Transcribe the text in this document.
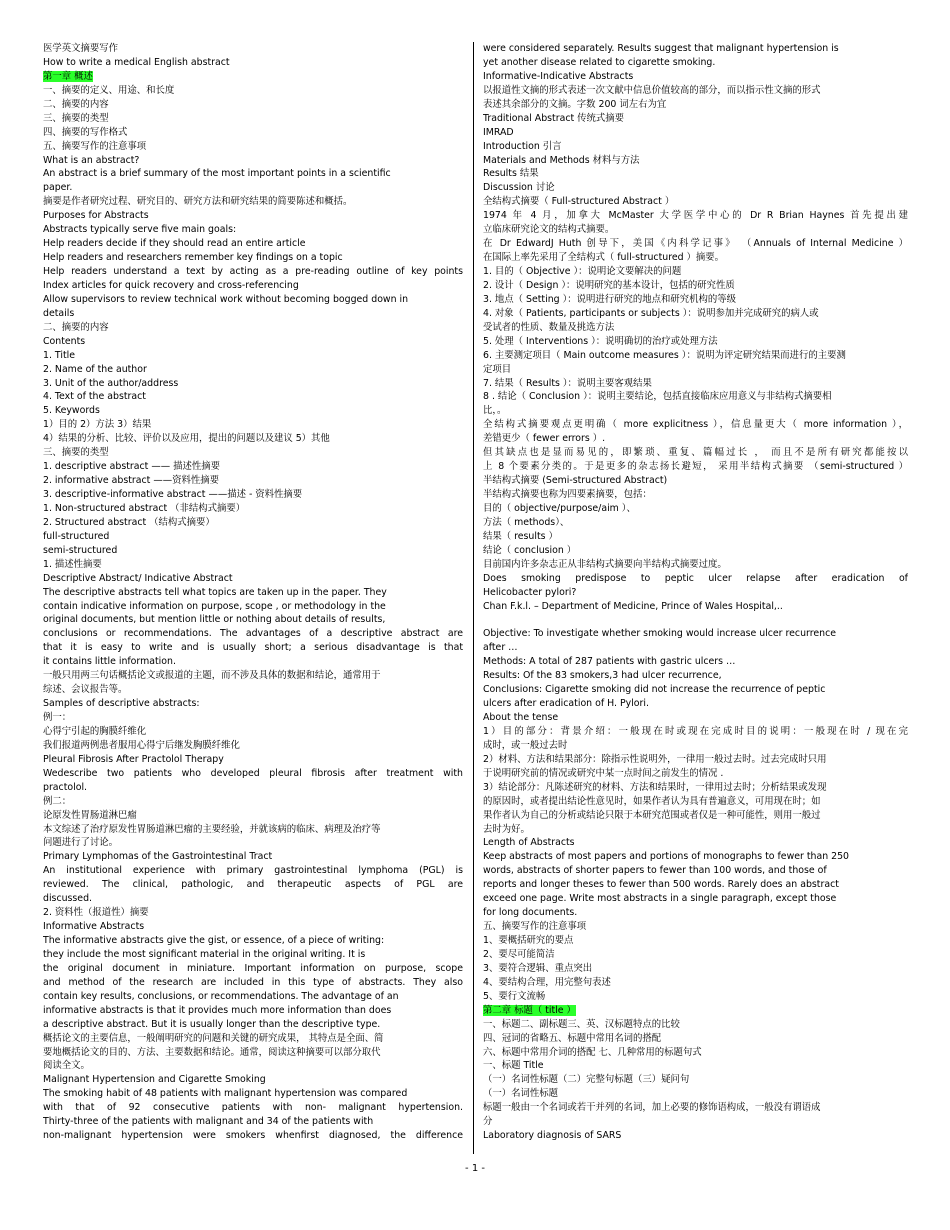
医学英文摘要写作
How to write a medical English abstract
第一章 概述
一、摘要的定义、用途、和长度
二、摘要的内容
三、摘要的类型
四、摘要的写作格式
五、摘要写作的注意事项
What is an abstract?
An abstract is a brief summary of the most important points in a scientific
paper.
摘要是作者研究过程、研究目的、研究方法和研究结果的简要陈述和概括。
Purposes for Abstracts
Abstracts typically serve five main goals:
Help readers decide if they should read an entire article
Help readers and researchers remember key findings on a topic
Help readers understand a text by acting as a pre-reading outline of key points
Index articles for quick recovery and cross-referencing
Allow supervisors to review technical work without becoming bogged down in
details
二、摘要的内容
Contents
1. Title
2. Name of the author
3. Unit of the author/address
4. Text of the abstract
5. Keywords
1）目的 2）方法 3）结果
4）结果的分析、比较、评价以及应用，提出的问题以及建议 5）其他
三、摘要的类型
1. descriptive abstract —— 描述性摘要
2. informative abstract ——资料性摘要
3. descriptive-informative abstract ——描述 - 资料性摘要
1. Non-structured abstract （非结构式摘要）
2. Structured abstract （结构式摘要）
full-structured
semi-structured
1. 描述性摘要
Descriptive Abstract/ Indicative Abstract
The descriptive abstracts tell what topics are taken up in the paper. They
contain indicative information on purpose, scope , or methodology in the
original documents, but mention little or nothing about details of results,
conclusions or recommendations. The advantages of a descriptive abstract are
that it is easy to write and is usually short; a serious disadvantage is that
it contains little information.
一般只用两三句话概括论文或报道的主题，而不涉及具体的数据和结论，通常用于
综述、会议报告等。
Samples of descriptive abstracts:
例一：
心得宁引起的胸膜纤维化
我们报道两例患者服用心得宁后继发胸膜纤维化
Pleural Fibrosis After Practolol Therapy
Wedescribe two patients who developed pleural fibrosis after treatment with
practolol.
例二：
论原发性胃肠道淋巴瘤
本文综述了治疗原发性胃肠道淋巴瘤的主要经验，并就该病的临床、病理及治疗等
问题进行了讨论。
Primary Lymphomas of the Gastrointestinal Tract
An institutional experience with primary gastrointestinal lymphoma (PGL) is
reviewed. The clinical, pathologic, and therapeutic aspects of PGL are
discussed.
2. 资料性（报道性）摘要
Informative Abstracts
The informative abstracts give the gist, or essence, of a piece of writing:
they include the most significant material in the original writing. It is
the original document in miniature. Important information on purpose, scope
and method of the research are included in this type of abstracts. They also
contain key results, conclusions, or recommendations. The advantage of an
informative abstracts is that it provides much more information than does
a descriptive abstract. But it is usually longer than the descriptive type.
概括论文的主要信息，一般阐明研究的问题和关键的研究成果， 其特点是全面、简
要地概括论文的目的、方法、主要数据和结论。通常，阅读这种摘要可以部分取代
阅读全文。
Malignant Hypertension and Cigarette Smoking
The smoking habit of 48 patients with malignant hypertension was compared
with that of 92 consecutive patients with non- malignant hypertension.
Thirty-three of the patients with malignant and 34 of the patients with
non-malignant hypertension were smokers whenfirst diagnosed, the difference
were considered separately. Results suggest that malignant hypertension is
yet another disease related to cigarette smoking.
Informative-Indicative Abstracts
以报道性文摘的形式表述一次文献中信息价值较高的部分，而以指示性文摘的形式
表述其余部分的文摘。字数 200 词左右为宜
Traditional Abstract 传统式摘要
IMRAD
Introduction 引言
Materials and Methods 材料与方法
Results 结果
Discussion 讨论
全结构式摘要（ Full-structured Abstract ）
1974 年 4 月，加拿大 McMaster 大学医学中心的 Dr R Brian Haynes 首先提出建
立临床研究论文的结构式摘要。
在 Dr EdwardJ Huth 创导下，美国《内科学记事》 （Annuals of Internal Medicine ）
在国际上率先采用了全结构式（ full-structured ）摘要。
1. 目的（ Objective ）：说明论文要解决的问题
2. 设计（ Design ）：说明研究的基本设计，包括的研究性质
3. 地点（ Setting ）：说明进行研究的地点和研究机构的等级
4. 对象（ Patients, participants or subjects ）：说明参加并完成研究的病人或
受试者的性质、数量及挑选方法
5. 处理（ Interventions ）：说明确切的治疗或处理方法
6. 主要测定项目（ Main outcome measures ）：说明为评定研究结果而进行的主要测
定项目
7. 结果（ Results ）：说明主要客观结果
8 . 结论（ Conclusion ）：说明主要结论，包括直接临床应用意义与非结构式摘要相
比，。
全结构式摘要观点更明确（ more explicitness ），信息量更大（ more information ），
差错更少（ fewer errors ）.
但其缺点也是显而易见的，即繁琐、重复、篇幅过长 ， 而且不是所有研究都能按以
上 8 个要素分类的。于是更多的杂志扬长避短， 采用半结构式摘要 （semi-structured ）
半结构式摘要 (Semi-structured Abstract)
半结构式摘要也称为四要素摘要，包括：
目的（ objective/purpose/aim ）、
方法（ methods）、
结果（ results ）
结论（ conclusion ）
目前国内许多杂志正从非结构式摘要向半结构式摘要过度。
Does smoking predispose to peptic ulcer relapse after eradication of
Helicobacter pylori?
Chan F.k.l. – Department of Medicine, Prince of Wales Hospital,..
Objective: To investigate whether smoking would increase ulcer recurrence
after …
Methods: A total of 287 patients with gastric ulcers …
Results: Of the 83 smokers,3 had ulcer recurrence,
Conclusions: Cigarette smoking did not increase the recurrence of peptic
ulcers after eradication of H. Pylori.
About the tense
1）目的部分：背景介绍：一般现在时或现在完成时目的说明：一般现在时 / 现在完
成时，或一般过去时
2）材料、方法和结果部分：除指示性说明外，一律用一般过去时。过去完成时只用
于说明研究前的情况或研究中某一点时间之前发生的情况 .
3）结论部分：凡陈述研究的材料、方法和结果时，一律用过去时；分析结果或发现
的原因时，或者提出结论性意见时，如果作者认为具有普遍意义，可用现在时；如
果作者认为自己的分析或结论只限于本研究范围或者仅是一种可能性，则用一般过
去时为好。
Length of Abstracts
Keep abstracts of most papers and portions of monographs to fewer than 250
words, abstracts of shorter papers to fewer than 100 words, and those of
reports and longer theses to fewer than 500 words. Rarely does an abstract
exceed one page. Write most abstracts in a single paragraph, except those
for long documents.
五、摘要写作的注意事项
1、要概括研究的要点
2、要尽可能简洁
3、要符合逻辑、重点突出
4、要结构合理，用完整句表述
5、要行文流畅
第二章 标题（ title ）
一、标题二、副标题三、英、汉标题特点的比较
四、冠词的省略五、标题中常用名词的搭配
六、标题中常用介词的搭配 七、几种常用的标题句式
一、标题 Title
（一）名词性标题（二）完整句标题（三）疑问句
（一）名词性标题
标题一般由一个名词或若干并列的名词，加上必要的修饰语构成，一般没有谓语成
分
Laboratory diagnosis of SARS
- 1 -
